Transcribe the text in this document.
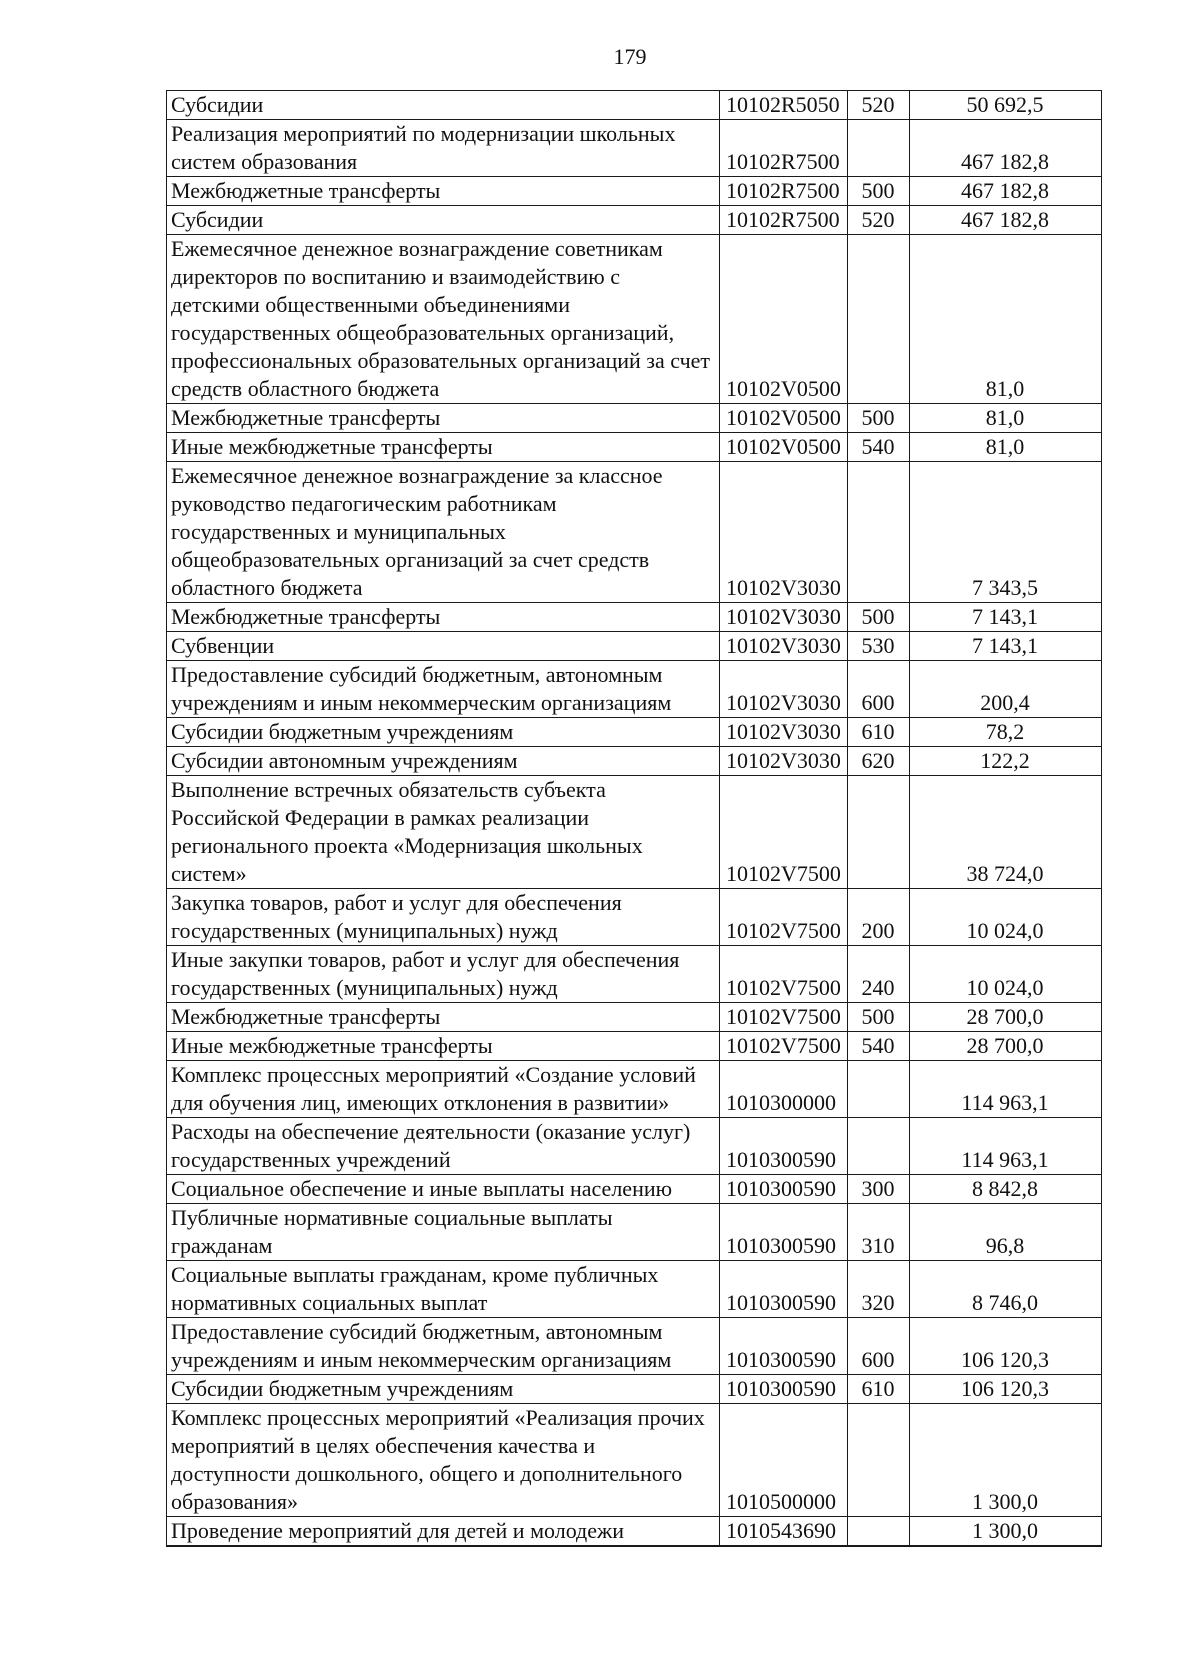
179
Субсидии	10102R5050	520	50 692,5
Реализация мероприятий по модернизации школьных систем образования	10102R7500		467 182,8
Межбюджетные трансферты	10102R7500	500	467 182,8
Субсидии	10102R7500	520	467 182,8
Ежемесячное денежное вознаграждение советникам директоров по воспитанию и взаимодействию с детскими общественными объединениями государственных общеобразовательных организаций, профессиональных образовательных организаций за счет средств областного бюджета	10102V0500		81,0
Межбюджетные трансферты	10102V0500	500	81,0
Иные межбюджетные трансферты	10102V0500	540	81,0
Ежемесячное денежное вознаграждение за классное руководство педагогическим работникам государственных и муниципальных общеобразовательных организаций за счет средств областного бюджета	10102V3030		7 343,5
Межбюджетные трансферты	10102V3030	500	7 143,1
Субвенции	10102V3030	530	7 143,1
Предоставление субсидий бюджетным, автономным учреждениям и иным некоммерческим организациям	10102V3030	600	200,4
Субсидии бюджетным учреждениям	10102V3030	610	78,2
Субсидии автономным учреждениям	10102V3030	620	122,2
Выполнение встречных обязательств субъекта Российской Федерации в рамках реализации регионального проекта «Модернизация школьных систем»	10102V7500		38 724,0
Закупка товаров, работ и услуг для обеспечения государственных (муниципальных) нужд	10102V7500	200	10 024,0
Иные закупки товаров, работ и услуг для обеспечения государственных (муниципальных) нужд	10102V7500	240	10 024,0
Межбюджетные трансферты	10102V7500	500	28 700,0
Иные межбюджетные трансферты	10102V7500	540	28 700,0
Комплекс процессных мероприятий «Создание условий для обучения лиц, имеющих отклонения в развитии»	1010300000		114 963,1
Расходы на обеспечение деятельности (оказание услуг) государственных учреждений	1010300590		114 963,1
Социальное обеспечение и иные выплаты населению	1010300590	300	8 842,8
Публичные нормативные социальные выплаты гражданам	1010300590	310	96,8
Социальные выплаты гражданам, кроме публичных нормативных социальных выплат	1010300590	320	8 746,0
Предоставление субсидий бюджетным, автономным учреждениям и иным некоммерческим организациям	1010300590	600	106 120,3
Субсидии бюджетным учреждениям	1010300590	610	106 120,3
Комплекс процессных мероприятий «Реализация прочих мероприятий в целях обеспечения качества и доступности дошкольного, общего и дополнительного образования»	1010500000		1 300,0
Проведение мероприятий для детей и молодежи	1010543690		1 300,0
